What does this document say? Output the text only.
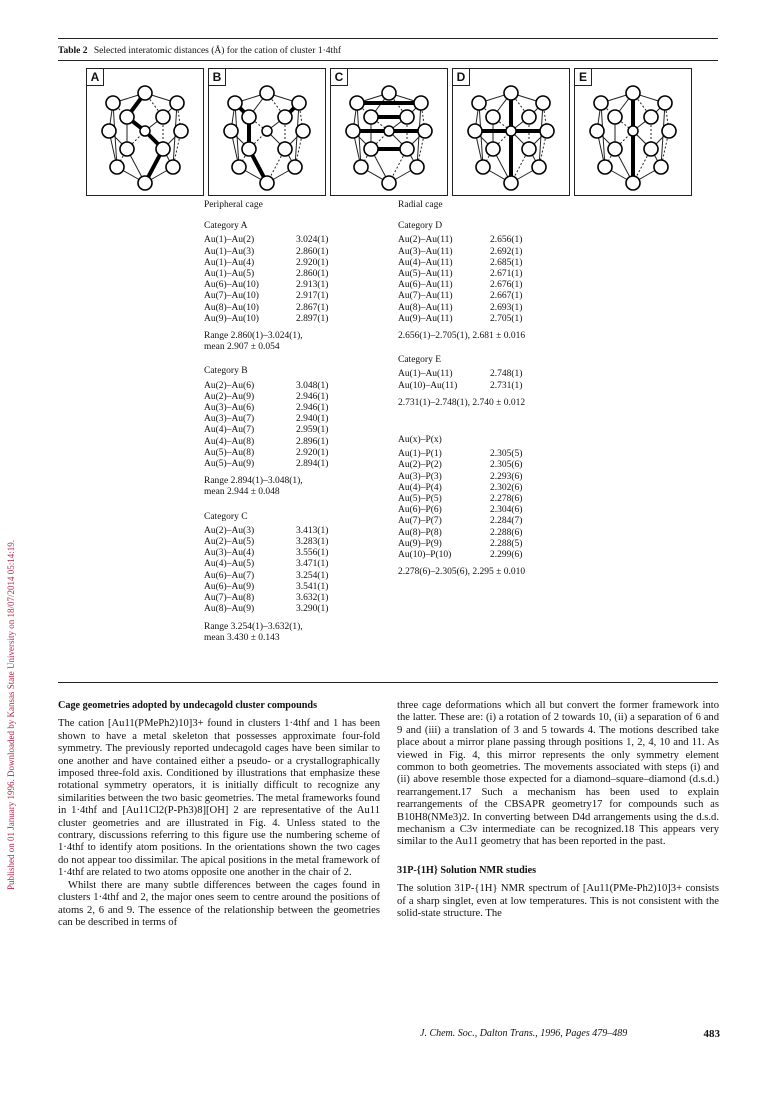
Published on 01 January 1996. Downloaded by Kansas State University on 18/07/2014 05:14:19.
Table 2 Selected interatomic distances (Å) for the cation of cluster 1·4thf
A	B	C	D	E
Peripheral cage
Category A
Au(1)–Au(2)	3.024(1)
Au(1)–Au(3)	2.860(1)
Au(1)–Au(4)	2.920(1)
Au(1)–Au(5)	2.860(1)
Au(6)–Au(10)	2.913(1)
Au(7)–Au(10)	2.917(1)
Au(8)–Au(10)	2.867(1)
Au(9)–Au(10)	2.897(1)
Range 2.860(1)–3.024(1),
mean 2.907 ± 0.054
Category B
Au(2)–Au(6)	3.048(1)
Au(2)–Au(9)	2.946(1)
Au(3)–Au(6)	2.946(1)
Au(3)–Au(7)	2.940(1)
Au(4)–Au(7)	2.959(1)
Au(4)–Au(8)	2.896(1)
Au(5)–Au(8)	2.920(1)
Au(5)–Au(9)	2.894(1)
Range 2.894(1)–3.048(1),
mean 2.944 ± 0.048
Category C
Au(2)–Au(3)	3.413(1)
Au(2)–Au(5)	3.283(1)
Au(3)–Au(4)	3.556(1)
Au(4)–Au(5)	3.471(1)
Au(6)–Au(7)	3.254(1)
Au(6)–Au(9)	3.541(1)
Au(7)–Au(8)	3.632(1)
Au(8)–Au(9)	3.290(1)
Range 3.254(1)–3.632(1),
mean 3.430 ± 0.143
Radial cage
Category D
Au(2)–Au(11)	2.656(1)
Au(3)–Au(11)	2.692(1)
Au(4)–Au(11)	2.685(1)
Au(5)–Au(11)	2.671(1)
Au(6)–Au(11)	2.676(1)
Au(7)–Au(11)	2.667(1)
Au(8)–Au(11)	2.693(1)
Au(9)–Au(11)	2.705(1)
2.656(1)–2.705(1), 2.681 ± 0.016
Category E
Au(1)–Au(11)	2.748(1)
Au(10)–Au(11)	2.731(1)
2.731(1)–2.748(1), 2.740 ± 0.012
Au(x)–P(x)
Au(1)–P(1)	2.305(5)
Au(2)–P(2)	2.305(6)
Au(3)–P(3)	2.293(6)
Au(4)–P(4)	2.302(6)
Au(5)–P(5)	2.278(6)
Au(6)–P(6)	2.304(6)
Au(7)–P(7)	2.284(7)
Au(8)–P(8)	2.288(6)
Au(9)–P(9)	2.288(5)
Au(10)–P(10)	2.299(6)
2.278(6)–2.305(6), 2.295 ± 0.010
Cage geometries adopted by undecagold cluster compounds

The cation [Au11(PMePh2)10]3+ found in clusters 1·4thf and 1 has been shown to have a metal skeleton that possesses approximate four-fold symmetry. The previously reported undecagold cages have been similar to one another and have contained either a pseudo- or a crystallographically imposed three-fold axis. Conditioned by illustrations that emphasize these rotational symmetry operators, it is initially difficult to recognize any similarities between the two basic geometries. The metal frameworks found in 1·4thf and [Au11Cl2(P-Ph3)8][OH] 2 are representative of the Au11 cluster geometries and are illustrated in Fig. 4. Unless stated to the contrary, discussions referring to this figure use the numbering scheme of 1·4thf to identify atom positions. In the orientations shown the two cages do not appear too dissimilar. The apical positions in the metal framework of 1·4thf are related to two atoms opposite one another in the chair of 2.

Whilst there are many subtle differences between the cages found in clusters 1·4thf and 2, the major ones seem to centre around the positions of atoms 2, 6 and 9. The essence of the relationship between the geometries can be described in terms of

three cage deformations which all but convert the former framework into the latter. These are: (i) a rotation of 2 towards 10, (ii) a separation of 6 and 9 and (iii) a translation of 3 and 5 towards 4. The motions described take place about a mirror plane passing through positions 1, 2, 4, 10 and 11. As viewed in Fig. 4, this mirror represents the only symmetry element common to both geometries. The movements associated with steps (i) and (ii) above resemble those expected for a diamond–square–diamond (d.s.d.) rearrangement.17 Such a mechanism has been used to explain rearrangements of the CBSAPR geometry17 for compounds such as B10H8(NMe3)2. In converting between D4d arrangements using the d.s.d. mechanism a C3v intermediate can be recognized.18 This appears very similar to the Au11 geometry that has been reported in the past.

31P-{1H} Solution NMR studies

The solution 31P-{1H} NMR spectrum of [Au11(PMe-Ph2)10]3+ consists of a sharp singlet, even at low temperatures. This is not consistent with the solid-state structure. The

J. Chem. Soc., Dalton Trans., 1996, Pages 479–489	483
